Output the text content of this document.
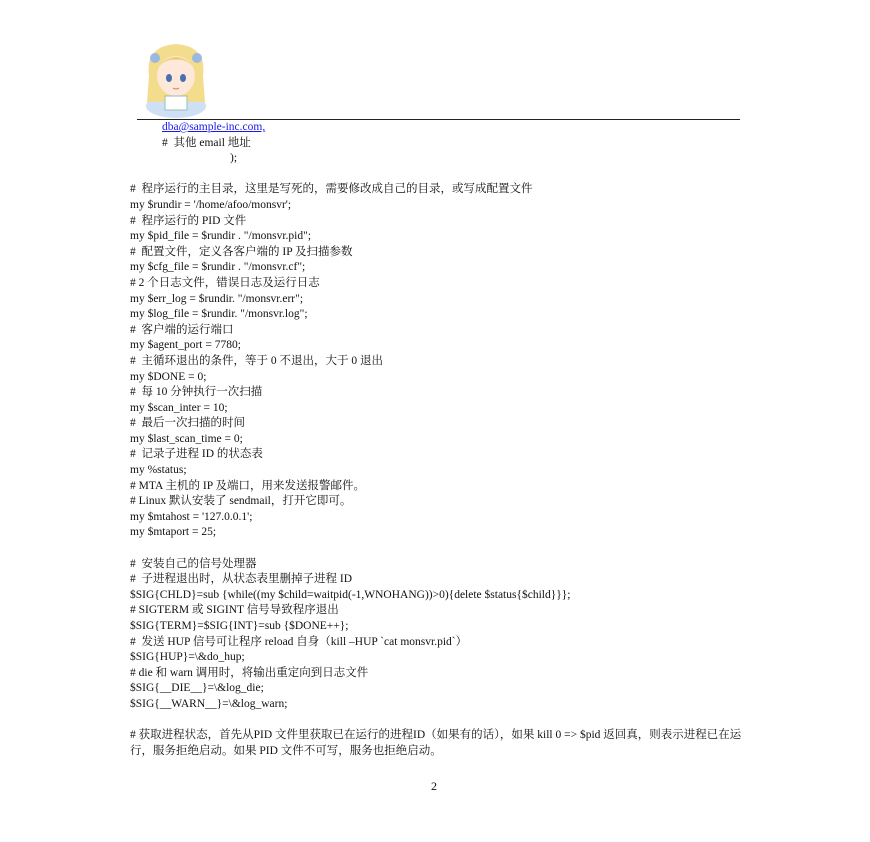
dba@sample-inc.com,
#  其他 email 地址
);
#  程序运行的主目录，这里是写死的，需要修改成自己的目录，或写成配置文件
my $rundir = '/home/afoo/monsvr';
#  程序运行的 PID 文件
my $pid_file = $rundir . "/monsvr.pid";
#  配置文件，定义各客户端的 IP 及扫描参数
my $cfg_file = $rundir . "/monsvr.cf";
# 2 个日志文件，错误日志及运行日志
my $err_log = $rundir. "/monsvr.err";
my $log_file = $rundir. "/monsvr.log";
#  客户端的运行端口
my $agent_port = 7780;
#  主循环退出的条件，等于 0 不退出，大于 0 退出
my $DONE = 0;
#  每 10 分钟执行一次扫描
my $scan_inter = 10;
#  最后一次扫描的时间
my $last_scan_time = 0;
#  记录子进程 ID 的状态表
my %status;
# MTA 主机的 IP 及端口，用来发送报警邮件。
# Linux 默认安装了 sendmail，打开它即可。
my $mtahost = '127.0.0.1';
my $mtaport = 25;
#  安装自己的信号处理器
#  子进程退出时，从状态表里删掉子进程 ID
$SIG{CHLD}=sub {while((my $child=waitpid(-1,WNOHANG))>0){delete $status{$child}}};
# SIGTERM 或 SIGINT 信号导致程序退出
$SIG{TERM}=$SIG{INT}=sub {$DONE++};
#  发送 HUP 信号可让程序 reload 自身（kill –HUP `cat monsvr.pid`）
$SIG{HUP}=\&do_hup;
# die 和 warn 调用时，将输出重定向到日志文件
$SIG{__DIE__}=\&log_die;
$SIG{__WARN__}=\&log_warn;
# 获取进程状态，首先从PID 文件里获取已在运行的进程ID（如果有的话），如果 kill 0 => $pid 返回真，则表示进程已在运行，服务拒绝启动。如果 PID 文件不可写，服务也拒绝启动。
2
